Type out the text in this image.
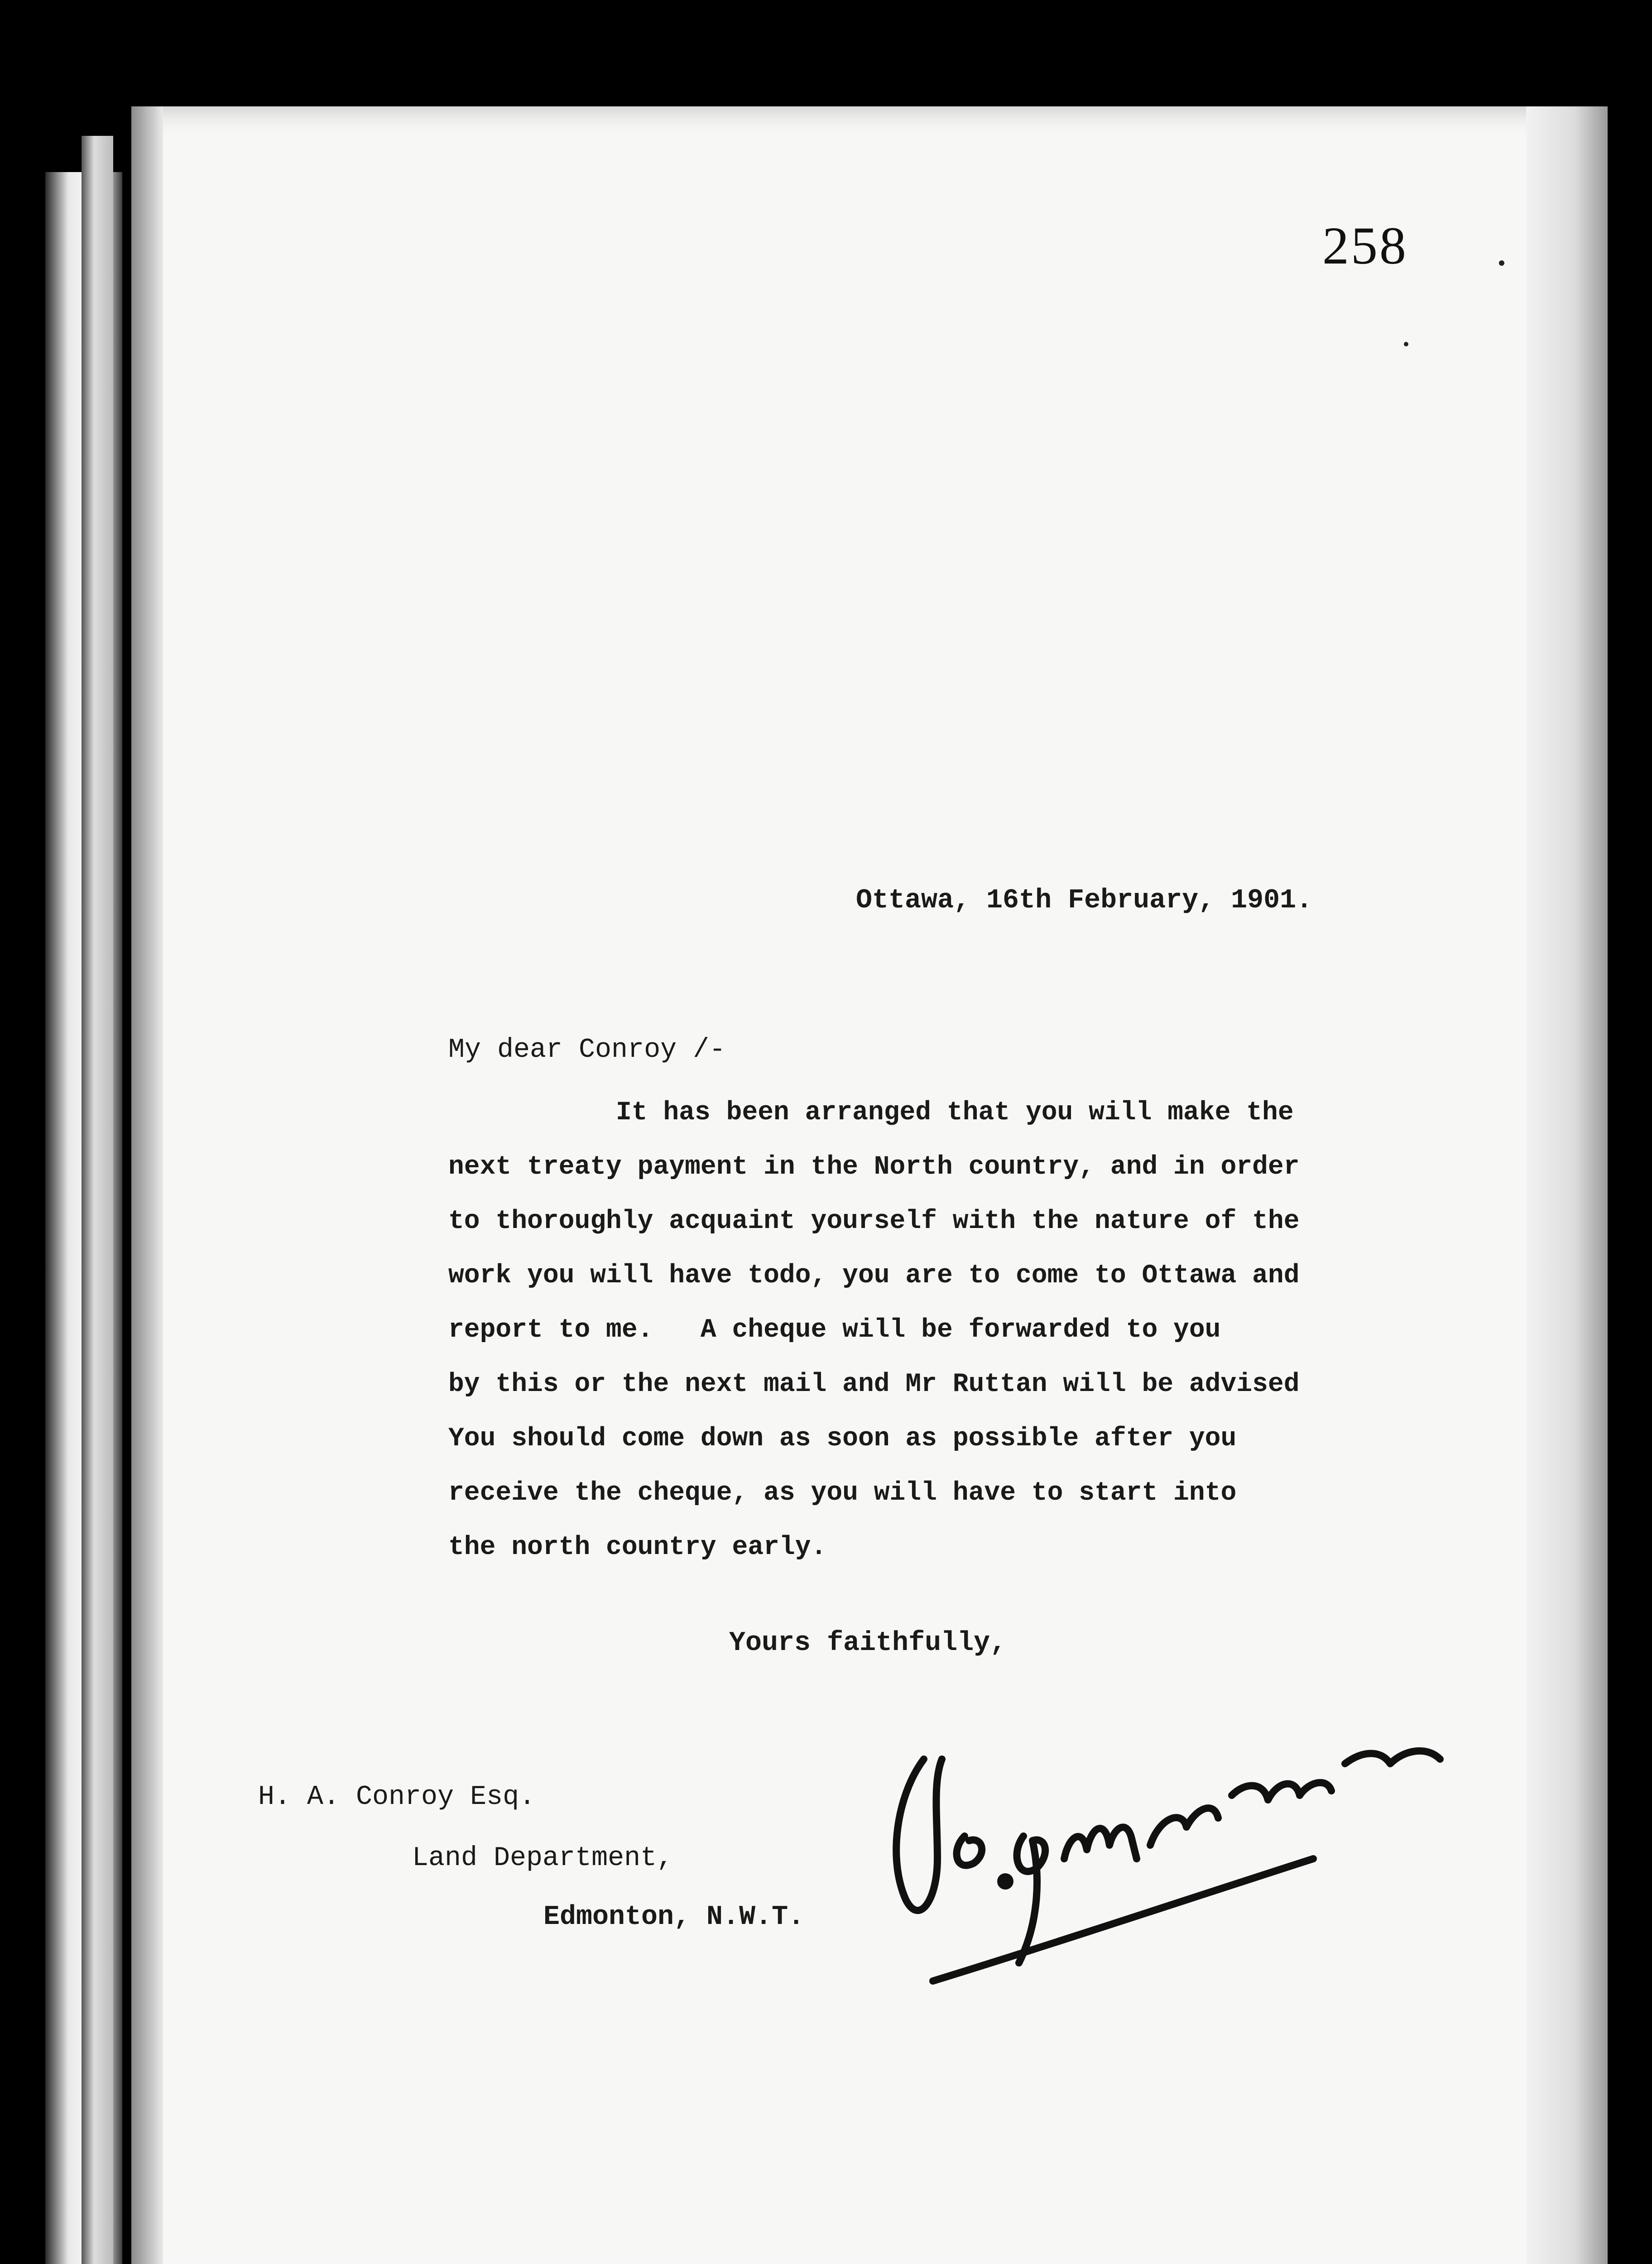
258
Ottawa, 16th February, 1901.
My dear Conroy /-
It has been arranged that you will make the
next treaty payment in the North country, and in order
to thoroughly acquaint yourself with the nature of the
work you will have todo, you are to come to Ottawa and
report to me.   A cheque will be forwarded to you
by this or the next mail and Mr Ruttan will be advised
You should come down as soon as possible after you
receive the cheque, as you will have to start into
the north country early.
Yours faithfully,
H. A. Conroy Esq.
Land Department,
Edmonton, N.W.T.
